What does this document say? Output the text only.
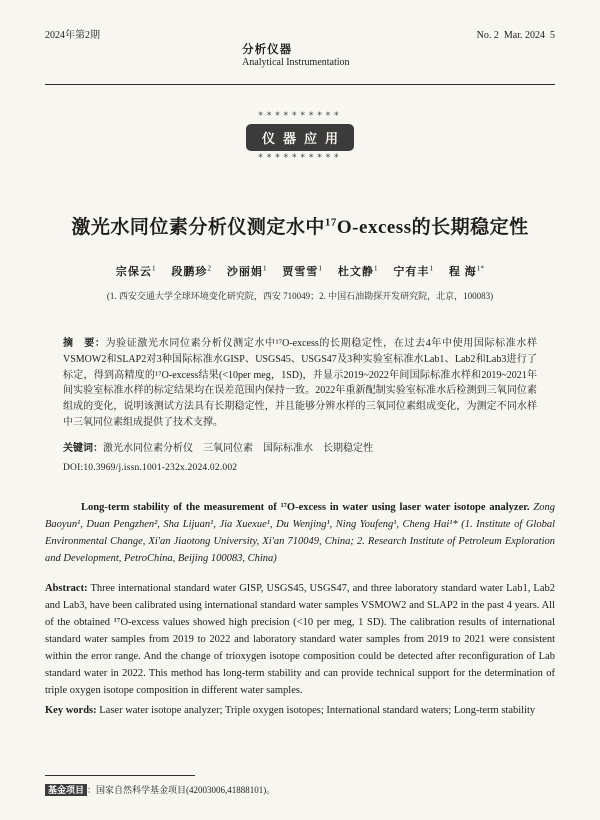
2024年第2期

分析仪器
Analytical Instrumentation

No. 2  Mar. 2024  5
**********
仪器应用
**********
激光水同位素分析仪测定水中$^{17}$O-excess的长期稳定性
宗保云$^1$ 段鹏珍$^2$ 沙丽娟$^1$ 贾雪雪$^1$ 杜文静$^1$ 宁有丰$^1$ 程 海$^{1*}$
(1. 西安交通大学全球环境变化研究院，西安 710049；2. 中国石油勘探开发研究院，北京，100083)

摘　要：为验证激光水同位素分析仪测定水中¹⁷O-excess的长期稳定性，在过去4年中使用国际标准水样VSMOW2和SLAP2对3种国际标准水GISP、USGS45、USGS47及3种实验室标准水Lab1、Lab2和Lab3进行了标定，得到高精度的¹⁷O-excess结果(<10per meg，1SD)，并显示2019~2022年间国际标准水样和2019~2021年间实验室标准水样的标定结果均在误差范围内保持一致。2022年重新配制实验室标准水后检测到三氧同位素组成的变化，说明该测试方法具有长期稳定性，并且能够分辨水样的三氧同位素组成变化，为测定不同水样中三氧同位素组成提供了技术支撑。

关键词：激光水同位素分析仪　三氧同位素　国际标准水　长期稳定性

DOI:10.3969/j.issn.1001-232x.2024.02.002

Long-term stability of the measurement of ¹⁷O-excess in water using laser water isotope analyzer. Zong Baoyun¹, Duan Pengzhen², Sha Lijuan¹, Jia Xuexue¹, Du Wenjing¹, Ning Youfeng¹, Cheng Hai¹* (1. Institute of Global Environmental Change, Xi'an Jiaotong University, Xi'an 710049, China; 2. Research Institute of Petroleum Exploration and Development, PetroChina, Beijing 100083, China)

Abstract: Three international standard water GISP, USGS45, USGS47, and three laboratory standard water Lab1, Lab2 and Lab3, have been calibrated using international standard water samples VSMOW2 and SLAP2 in the past 4 years. All of the obtained ¹⁷O-excess values showed high precision (<10 per meg, 1 SD). The calibration results of international standard water samples from 2019 to 2022 and laboratory standard water samples from 2019 to 2021 were consistent within the error range. And the change of trioxygen isotope composition could be detected after reconfiguration of Lab standard water in 2022. This method has long-term stability and can provide technical support for the determination of triple oxygen isotope composition in different water samples.

Key words: Laser water isotope analyzer; Triple oxygen isotopes; International standard waters; Long-term stability

基金项目 ：国家自然科学基金项目(42003006,41888101)。
